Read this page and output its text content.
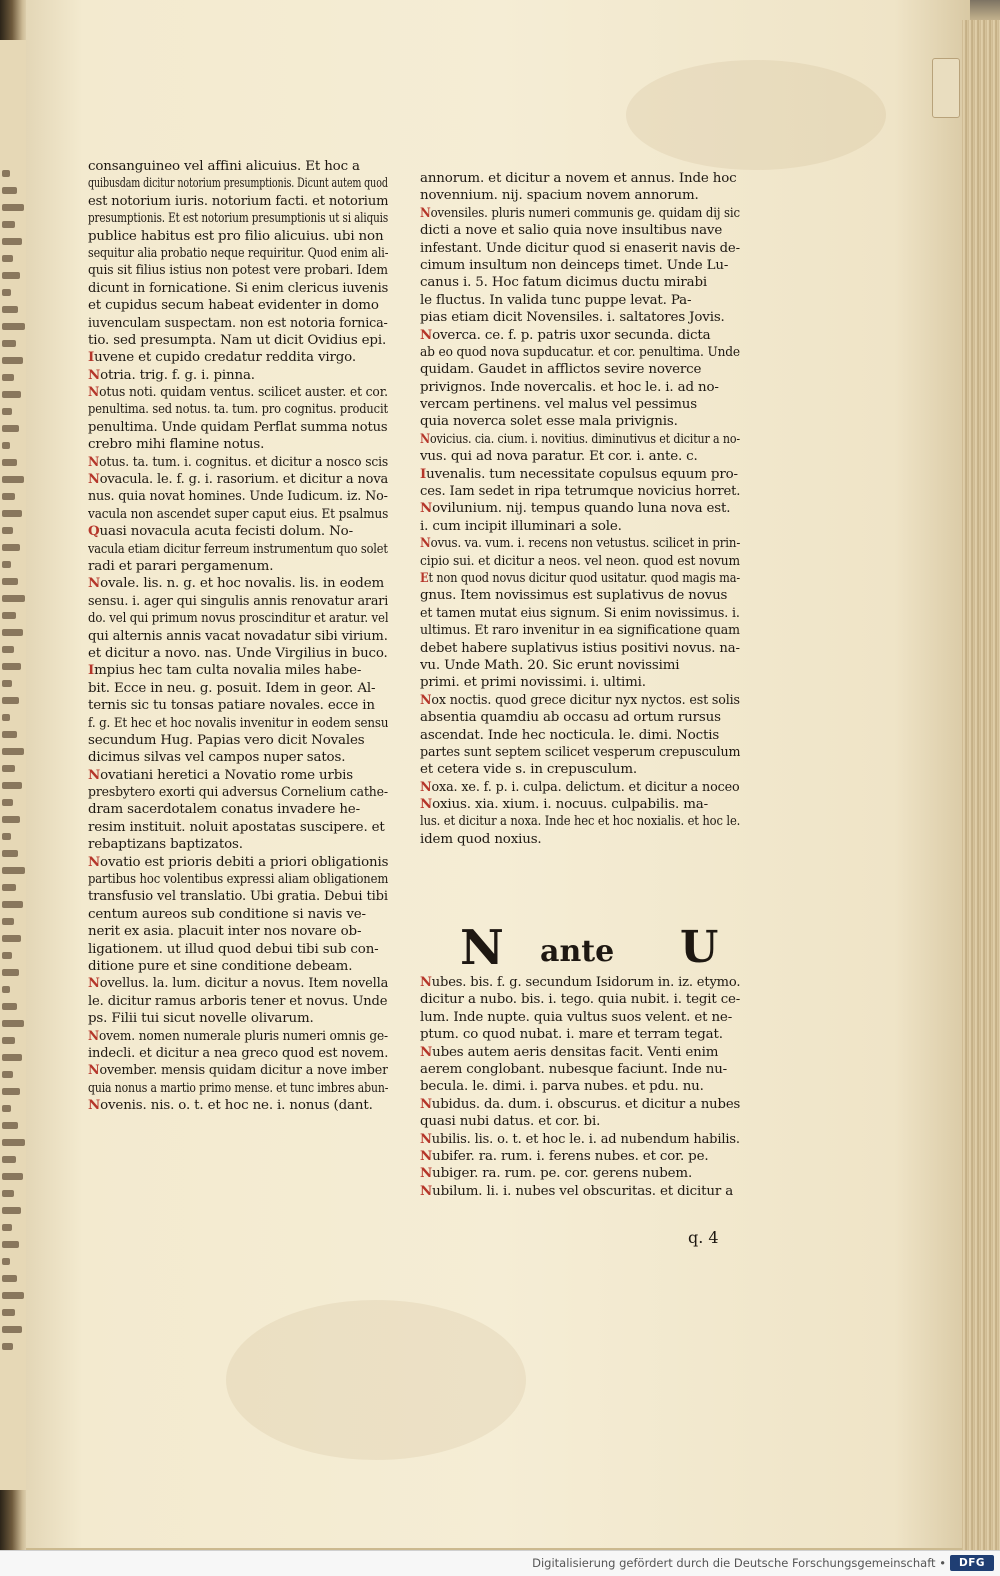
consanguineo vel affini alicuius. Et hoc a
quibusdam dicitur notorium presumptionis. Dicunt autem quod
est notorium iuris. notorium facti. et notorium
presumptionis. Et est notorium presumptionis ut si aliquis
publice habitus est pro filio alicuius. ubi non
sequitur alia probatio neque requiritur. Quod enim ali-
quis sit filius istius non potest vere probari. Idem
dicunt in fornicatione. Si enim clericus iuvenis
et cupidus secum habeat evidenter in domo
iuvenculam suspectam. non est notoria fornica-
tio. sed presumpta. Nam ut dicit Ovidius epi.
Iuvene et cupido credatur reddita virgo.
Notria. trig. f. g. i. pinna.
Notus noti. quidam ventus. scilicet auster. et cor.
penultima. sed notus. ta. tum. pro cognitus. producit
penultima. Unde quidam Perflat summa notus
crebro mihi flamine notus.
Notus. ta. tum. i. cognitus. et dicitur a nosco scis
Novacula. le. f. g. i. rasorium. et dicitur a nova
nus. quia novat homines. Unde Iudicum. iz. No-
vacula non ascendet super caput eius. Et psalmus
Quasi novacula acuta fecisti dolum. No-
vacula etiam dicitur ferreum instrumentum quo solet
radi et parari pergamenum.
Novale. lis. n. g. et hoc novalis. lis. in eodem
sensu. i. ager qui singulis annis renovatur arari
do. vel qui primum novus proscinditur et aratur. vel
qui alternis annis vacat novadatur sibi virium.
et dicitur a novo. nas. Unde Virgilius in buco.
Impius hec tam culta novalia miles habe-
bit. Ecce in neu. g. posuit. Idem in geor. Al-
ternis sic tu tonsas patiare novales. ecce in
f. g. Et hec et hoc novalis invenitur in eodem sensu
secundum Hug. Papias vero dicit Novales
dicimus silvas vel campos nuper satos.
Novatiani heretici a Novatio rome urbis
presbytero exorti qui adversus Cornelium cathe-
dram sacerdotalem conatus invadere he-
resim instituit. noluit apostatas suscipere. et
rebaptizans baptizatos.
Novatio est prioris debiti a priori obligationis
partibus hoc volentibus expressi aliam obligationem
transfusio vel translatio. Ubi gratia. Debui tibi
centum aureos sub conditione si navis ve-
nerit ex asia. placuit inter nos novare ob-
ligationem. ut illud quod debui tibi sub con-
ditione pure et sine conditione debeam.
Novellus. la. lum. dicitur a novus. Item novella
le. dicitur ramus arboris tener et novus. Unde
ps. Filii tui sicut novelle olivarum.
Novem. nomen numerale pluris numeri omnis ge-
indecli. et dicitur a nea greco quod est novem.
November. mensis quidam dicitur a nove imber
quia nonus a martio primo mense. et tunc imbres abun-
Novenis. nis. o. t. et hoc ne. i. nonus (dant.
annorum. et dicitur a novem et annus. Inde hoc
novennium. nij. spacium novem annorum.
Novensiles. pluris numeri communis ge. quidam dij sic
dicti a nove et salio quia nove insultibus nave
infestant. Unde dicitur quod si enaserit navis de-
cimum insultum non deinceps timet. Unde Lu-
canus i. 5. Hoc fatum dicimus ductu mirabi
le fluctus. In valida tunc puppe levat. Pa-
pias etiam dicit Novensiles. i. saltatores Jovis.
Noverca. ce. f. p. patris uxor secunda. dicta
ab eo quod nova supducatur. et cor. penultima. Unde
quidam. Gaudet in afflictos sevire noverce
privignos. Inde novercalis. et hoc le. i. ad no-
vercam pertinens. vel malus vel pessimus
quia noverca solet esse mala privignis.
Novicius. cia. cium. i. novitius. diminutivus et dicitur a no-
vus. qui ad nova paratur. Et cor. i. ante. c.
Iuvenalis. tum necessitate copulsus equum pro-
ces. Iam sedet in ripa tetrumque novicius horret.
Novilunium. nij. tempus quando luna nova est.
i. cum incipit illuminari a sole.
Novus. va. vum. i. recens non vetustus. scilicet in prin-
cipio sui. et dicitur a neos. vel neon. quod est novum
Et non quod novus dicitur quod usitatur. quod magis ma-
gnus. Item novissimus est suplativus de novus
et tamen mutat eius signum. Si enim novissimus. i.
ultimus. Et raro invenitur in ea significatione quam
debet habere suplativus istius positivi novus. na-
vu. Unde Math. 20. Sic erunt novissimi
primi. et primi novissimi. i. ultimi.
Nox noctis. quod grece dicitur nyx nyctos. est solis
absentia quamdiu ab occasu ad ortum rursus
ascendat. Inde hec nocticula. le. dimi. Noctis
partes sunt septem scilicet vesperum crepusculum
et cetera vide s. in crepusculum.
Noxa. xe. f. p. i. culpa. delictum. et dicitur a noceo
Noxius. xia. xium. i. nocuus. culpabilis. ma-
lus. et dicitur a noxa. Inde hec et hoc noxialis. et hoc le.
idem quod noxius.
N ante U
Nubes. bis. f. g. secundum Isidorum in. iz. etymo.
dicitur a nubo. bis. i. tego. quia nubit. i. tegit ce-
lum. Inde nupte. quia vultus suos velent. et ne-
ptum. co quod nubat. i. mare et terram tegat.
Nubes autem aeris densitas facit. Venti enim
aerem conglobant. nubesque faciunt. Inde nu-
becula. le. dimi. i. parva nubes. et pdu. nu.
Nubidus. da. dum. i. obscurus. et dicitur a nubes
quasi nubi datus. et cor. bi.
Nubilis. lis. o. t. et hoc le. i. ad nubendum habilis.
Nubifer. ra. rum. i. ferens nubes. et cor. pe.
Nubiger. ra. rum. pe. cor. gerens nubem.
Nubilum. li. i. nubes vel obscuritas. et dicitur a
q. 4
Digitalisierung gefördert durch die Deutsche Forschungsgemeinschaft •	DFG
